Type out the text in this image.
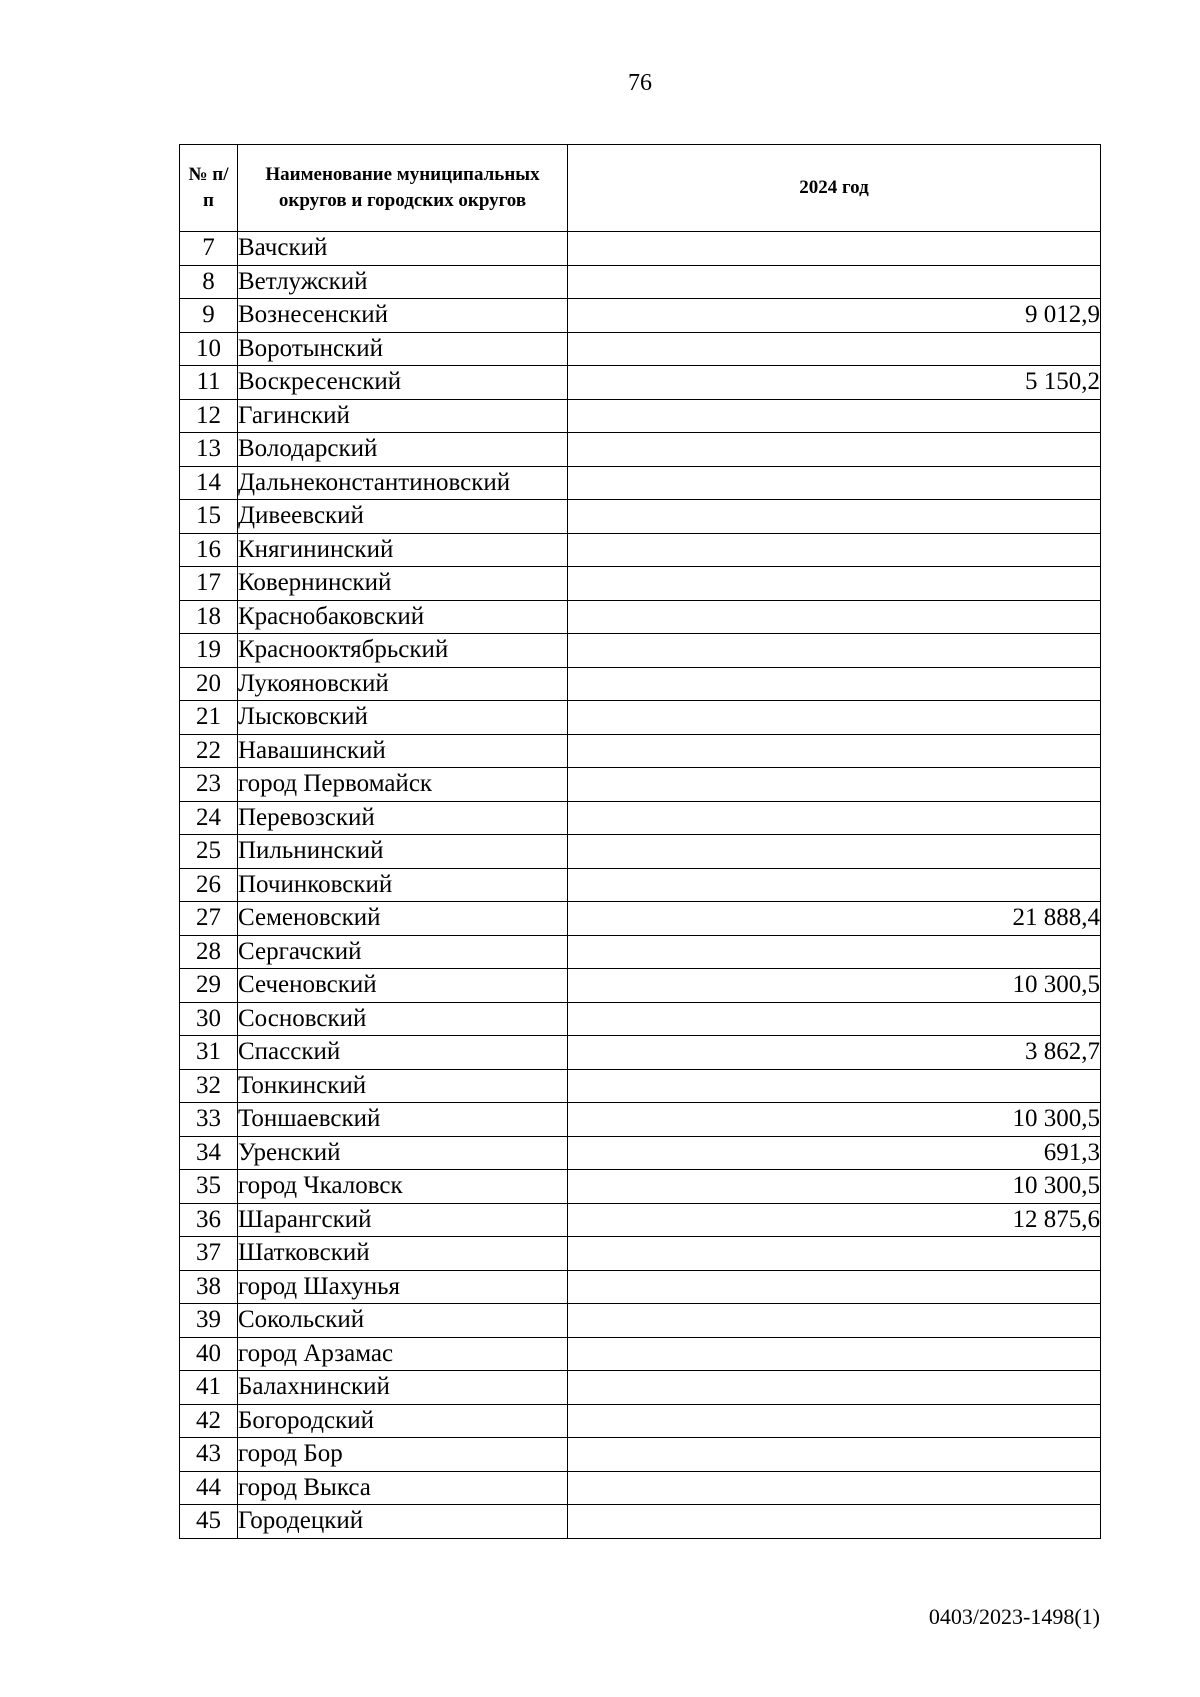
76
№ п/п	Наименование муниципальных округов и городских округов	2024 год
7	Вачский	
8	Ветлужский	
9	Вознесенский	9 012,9
10	Воротынский	
11	Воскресенский	5 150,2
12	Гагинский	
13	Володарский	
14	Дальнеконстантиновский	
15	Дивеевский	
16	Княгининский	
17	Ковернинский	
18	Краснобаковский	
19	Краснооктябрьский	
20	Лукояновский	
21	Лысковский	
22	Навашинский	
23	город Первомайск	
24	Перевозский	
25	Пильнинский	
26	Починковский	
27	Семеновский	21 888,4
28	Сергачский	
29	Сеченовский	10 300,5
30	Сосновский	
31	Спасский	3 862,7
32	Тонкинский	
33	Тоншаевский	10 300,5
34	Уренский	691,3
35	город Чкаловск	10 300,5
36	Шарангский	12 875,6
37	Шатковский	
38	город Шахунья	
39	Сокольский	
40	город Арзамас	
41	Балахнинский	
42	Богородский	
43	город Бор	
44	город Выкса	
45	Городецкий	
0403/2023-1498(1)
